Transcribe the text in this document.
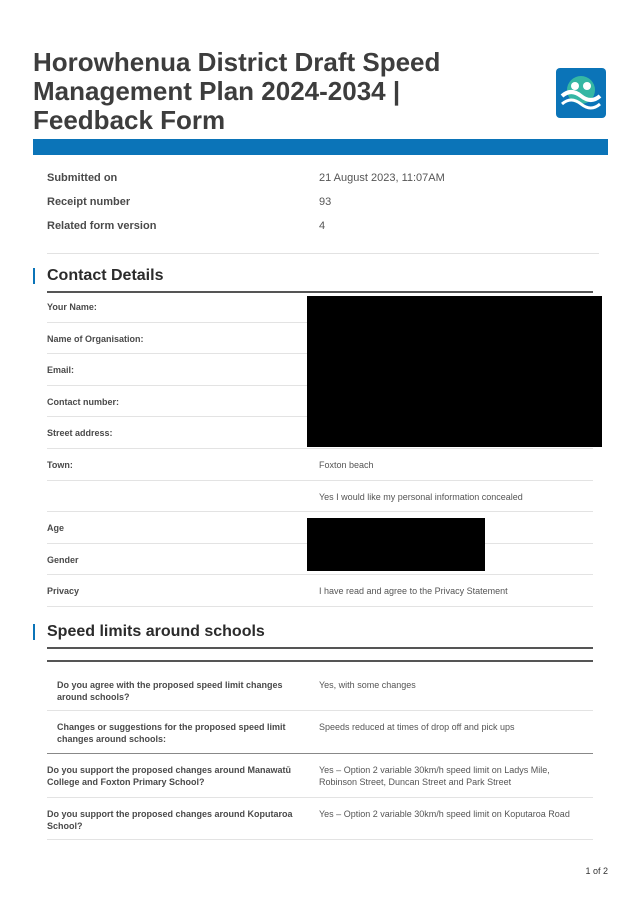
Horowhenua District Draft Speed Management Plan 2024-2034 | Feedback Form
Submitted on	21 August 2023, 11:07AM
Receipt number	93
Related form version	4
Contact Details
Your Name:
Name of Organisation:
Email:
Contact number:
Street address:
Town:	Foxton beach
Yes I would like my personal information concealed
Age
Gender
Privacy	I have read and agree to the Privacy Statement
Speed limits around schools
Do you agree with the proposed speed limit changes around schools?
Yes, with some changes
Changes or suggestions for the proposed speed limit changes around schools:
Speeds reduced at times of drop off and pick ups
Do you support the proposed changes around Manawatū College and Foxton Primary School?
Yes – Option 2 variable 30km/h speed limit on Ladys Mile, Robinson Street, Duncan Street and Park Street
Do you support the proposed changes around Koputaroa School?
Yes – Option 2 variable 30km/h speed limit on Koputaroa Road
1 of 2
